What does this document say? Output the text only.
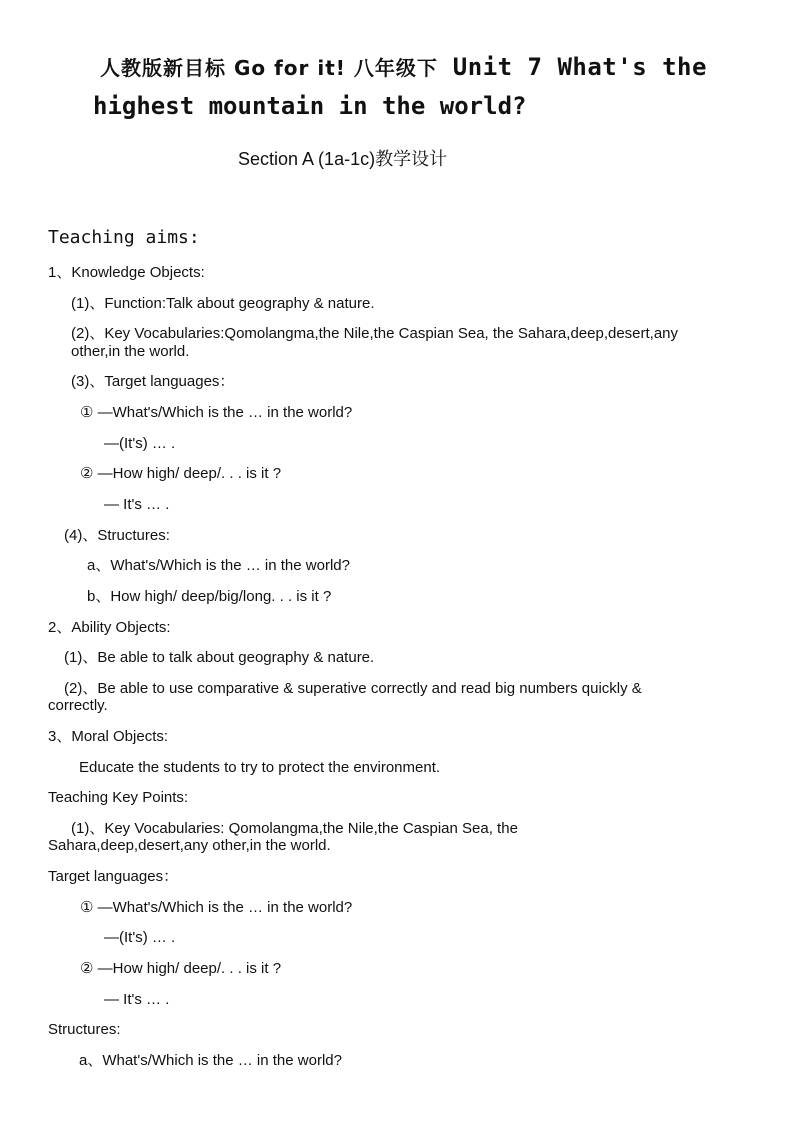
人教版新目标 Go for it! 八年级下 Unit 7 What's the
highest mountain in the world?
Section A (1a-1c)教学设计
Teaching aims:
1、Knowledge Objects:
(1)、Function:Talk about geography & nature.
(2)、Key Vocabularies:Qomolangma,the Nile,the Caspian Sea, the Sahara,deep,desert,any
other,in the world.
(3)、Target languages：
① —What's/Which is the … in the world?
—(It's) … .
② —How high/ deep/. . . is it ?
— It's … .
(4)、Structures:
a、What's/Which is the … in the world?
b、How high/ deep/big/long. . . is it ?
2、Ability Objects:
(1)、Be able to talk about geography & nature.
(2)、Be able to use comparative & superative correctly and read big numbers quickly &
correctly.
3、Moral Objects:
Educate the students to try to protect the environment.
Teaching Key Points:
(1)、Key Vocabularies: Qomolangma,the Nile,the Caspian Sea, the
Sahara,deep,desert,any other,in the world.
Target languages：
① —What's/Which is the … in the world?
—(It's) … .
② —How high/ deep/. . . is it ?
— It's … .
Structures:
a、What's/Which is the … in the world?
